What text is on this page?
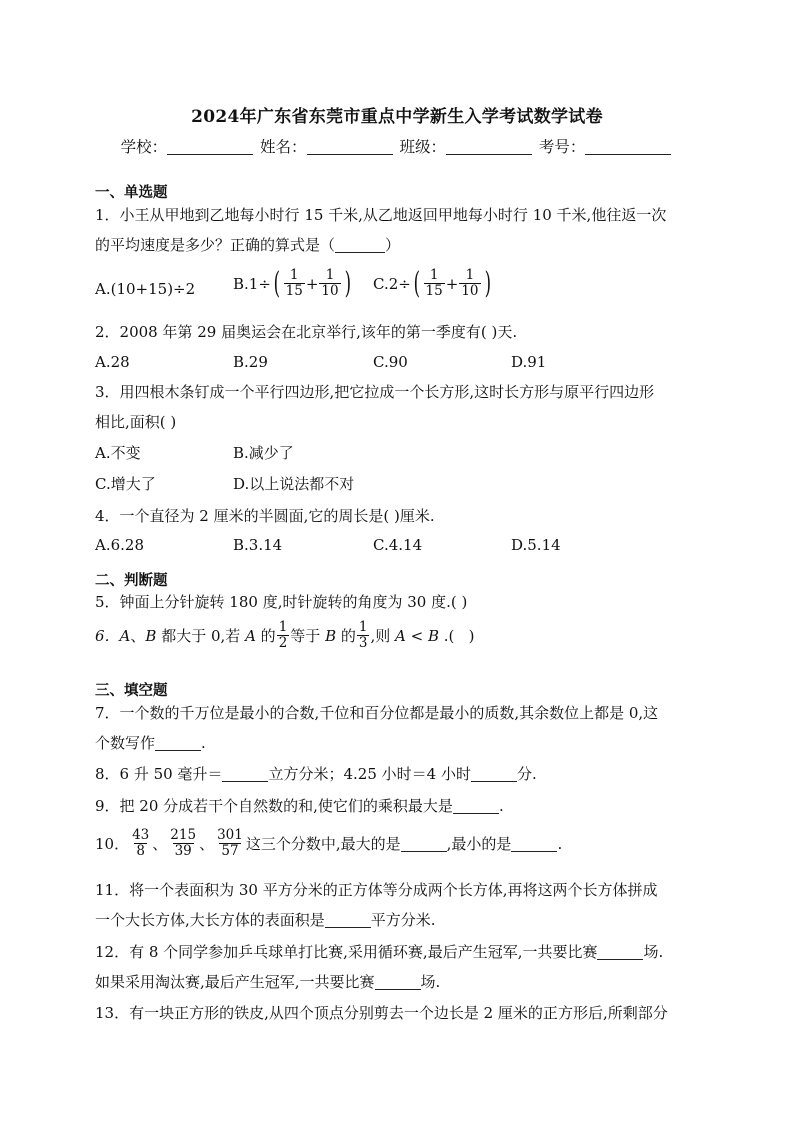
2024年广东省东莞市重点中学新生入学考试数学试卷
学校：	姓名：	班级：	考号：
一、单选题
1．小王从甲地到乙地每小时行 15 千米,从乙地返回甲地每小时行 10 千米,他往返一次
的平均速度是多少？正确的算式是（	）
A.(10+15)÷2	B.1÷ ( $\frac{1}{15} + \frac{1}{10}$ ) C.2÷ ( $\frac{1}{15} + \frac{1}{10}$ )
2．2008 年第 29 届奥运会在北京举行,该年的第一季度有( )天.
A.28	B.29	C.90	D.91
3．用四根木条钉成一个平行四边形,把它拉成一个长方形,这时长方形与原平行四边形
相比,面积( )
A.不变	B.减少了
C.增大了	D.以上说法都不对
4．一个直径为 2 厘米的半圆面,它的周长是( )厘米.
A.6.28	B.3.14	C.4.14	D.5.14
二、判断题
5．钟面上分针旋转 180 度,时针旋转的角度为 30 度.( )
6． A 、 B 都大于 0,若 A 的 $\frac{1}{2}$ 等于 B 的 $\frac{1}{3}$ ,则 A < B .(   )
三、填空题
7．一个数的千万位是最小的合数,千位和百分位都是最小的质数,其余数位上都是 0,这
个数写作	.
8．6 升 50 毫升＝	立方分米；4.25 小时＝4 小时	分.
9．把 20 分成若干个自然数的和,使它们的乘积最大是	.
10． $\frac{43}{8}$ 、 $\frac{215}{39}$ 、 $\frac{301}{57}$ 这三个分数中,最大的是	,最小的是	.
11．将一个表面积为 30 平方分米的正方体等分成两个长方体,再将这两个长方体拼成
一个大长方体,大长方体的表面积是	平方分米.
12．有 8 个同学参加乒乓球单打比赛,采用循环赛,最后产生冠军,一共要比赛	场.
如果采用淘汰赛,最后产生冠军,一共要比赛	场.
13．有一块正方形的铁皮,从四个顶点分别剪去一个边长是 2 厘米的正方形后,所剩部分
